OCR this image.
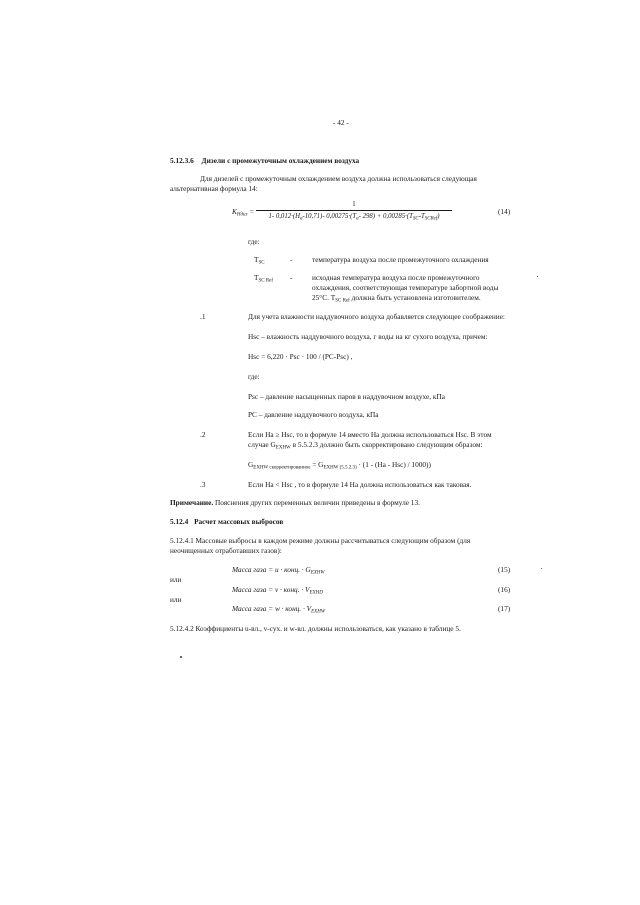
- 42 -
5.12.3.6 Дизели с промежуточным охлаждением воздуха
Для дизелей с промежуточным охлаждением воздуха должна использоваться следующая
альтернативная формула 14:
$K_{Hдиз}$ =
1
1- $0,012\cdot(H_a-10,71)-$ $0,00275\cdot(T_a-$ $298) + 0,00285\cdot(T_{SC}-T_{SCRef})$
(14)
где:
$T_{SC}$	-	температура воздуха после промежуточного охлаждения
$T_{SC Ref}$ -	исходная температура воздуха после промежуточного
охлаждения, соответствующая температуре забортной воды
25°С. $T_{SC Ref}$ должна быть установлена изготовителем.
.1	Для учета влажности наддувочного воздуха добавляется следующее соображение:
Hsc – влажность наддувочного воздуха, г воды на кг сухого воздуха, причем:
Hsc = 6,220 · Psc · 100 / (PC-Psc) ,
где:
Psc – давление насыщенных паров в наддувочном воздухе, кПа
PC – давление наддувочного воздуха, кПа
.2	Если Ha ≥ Hsc, то в формуле 14 вместо Ha должна использоваться Hsc. В этом
случае $G_{EXHW}$ в 5.5.2.3 должно быть скорректировано следующим образом:
$G_{EXHW скорректированное} = G_{EXHW (5.5.2.3)} \cdot (1 - (Ha - Hsc) / 1000)$)
.3	Если Ha < Hsc , то в формуле 14 Ha должна использоваться как таковая.
Примечание. Пояснения других переменных величин приведены в формуле 13.
5.12.4 Расчет массовых выбросов
5.12.4.1 Массовые выбросы в каждом режиме должны рассчитываться следующим образом (для
неочищенных отработавших газов):
Масса газа = u · конц. · $G_{EXHW}$	(15)
или
Масса газа = v · конц. · $V_{EXHD}$	(16)
или
Масса газа = w · конц. · $V_{EXHW}$	(17)
5.12.4.2 Коэффициенты u-вл., v-сух. и w-вл. должны использоваться, как указано в таблице 5.
